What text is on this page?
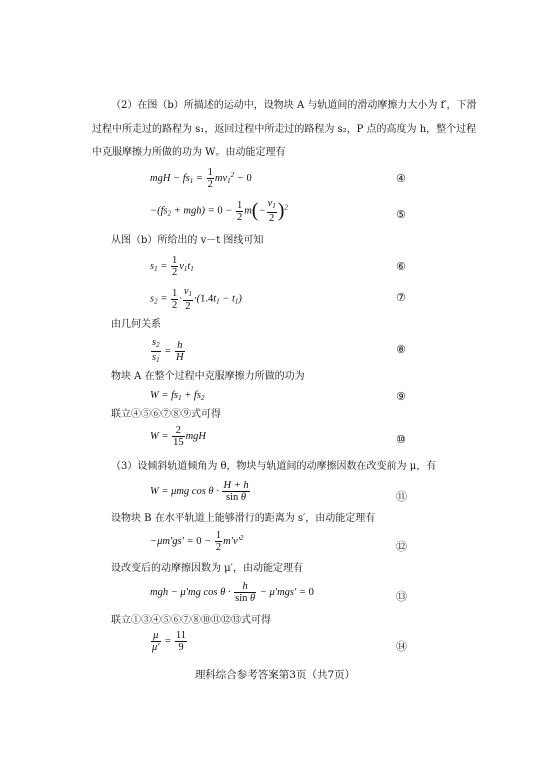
（2）在图（b）所描述的运动中，设物块 A 与轨道间的滑动摩擦力大小为 f′，下滑
过程中所走过的路程为 s₁，返回过程中所走过的路程为 s₂，P 点的高度为 h，整个过程
中克服摩擦力所做的功为 W。由动能定理有
mgH − $fs_1 = \frac{1}{2} mv_1^2 - 0$	④
$-(fs_2 + mgh) = 0 - \frac{1}{2} m(- \frac{v_1}{2} )^2$
⑤
从图（b）所给出的 v－t 图线可知
$s_1 = \frac{1}{2} v_1t_1$	⑥
$s_2 = \frac{1}{2} \cdot \frac{v_1}{2} \cdot(1.4t_1 - t_1)$	⑦
由几何关系
$\frac{s_2}{s_1} = \frac{h}{H}$	⑧
物块 A 在整个过程中克服摩擦力所做的功为
$W = fs_1 + fs_2$	⑨
联立④⑤⑥⑦⑧⑨式可得
$W = \frac{2}{15}$ mgH	⑩
（3）设倾斜轨道倾角为 θ，物块与轨道间的动摩擦因数在改变前为 μ，有
W = μmg $\cos \theta \cdot \frac{H + h}{\text{sin θ}}$	⑪
设物块 B 在水平轨道上能够滑行的距离为 s′，由动能定理有
$-\mu m'gs' = 0 - \frac{1}{2} m'v'^2$
⑫
设改变后的动摩擦因数为 μ′，由动能定理有
mgh − μ′mg $\cos \theta \cdot \frac{h}{\text{sin θ}} - \mu'mgs' = 0$	⑬
联立①③④⑤⑥⑦⑧⑩⑪⑫⑬式可得
$\frac{\mu}{\mu'} = \frac{11}{9}$	⑭
理科综合参考答案第3页（共7页）
